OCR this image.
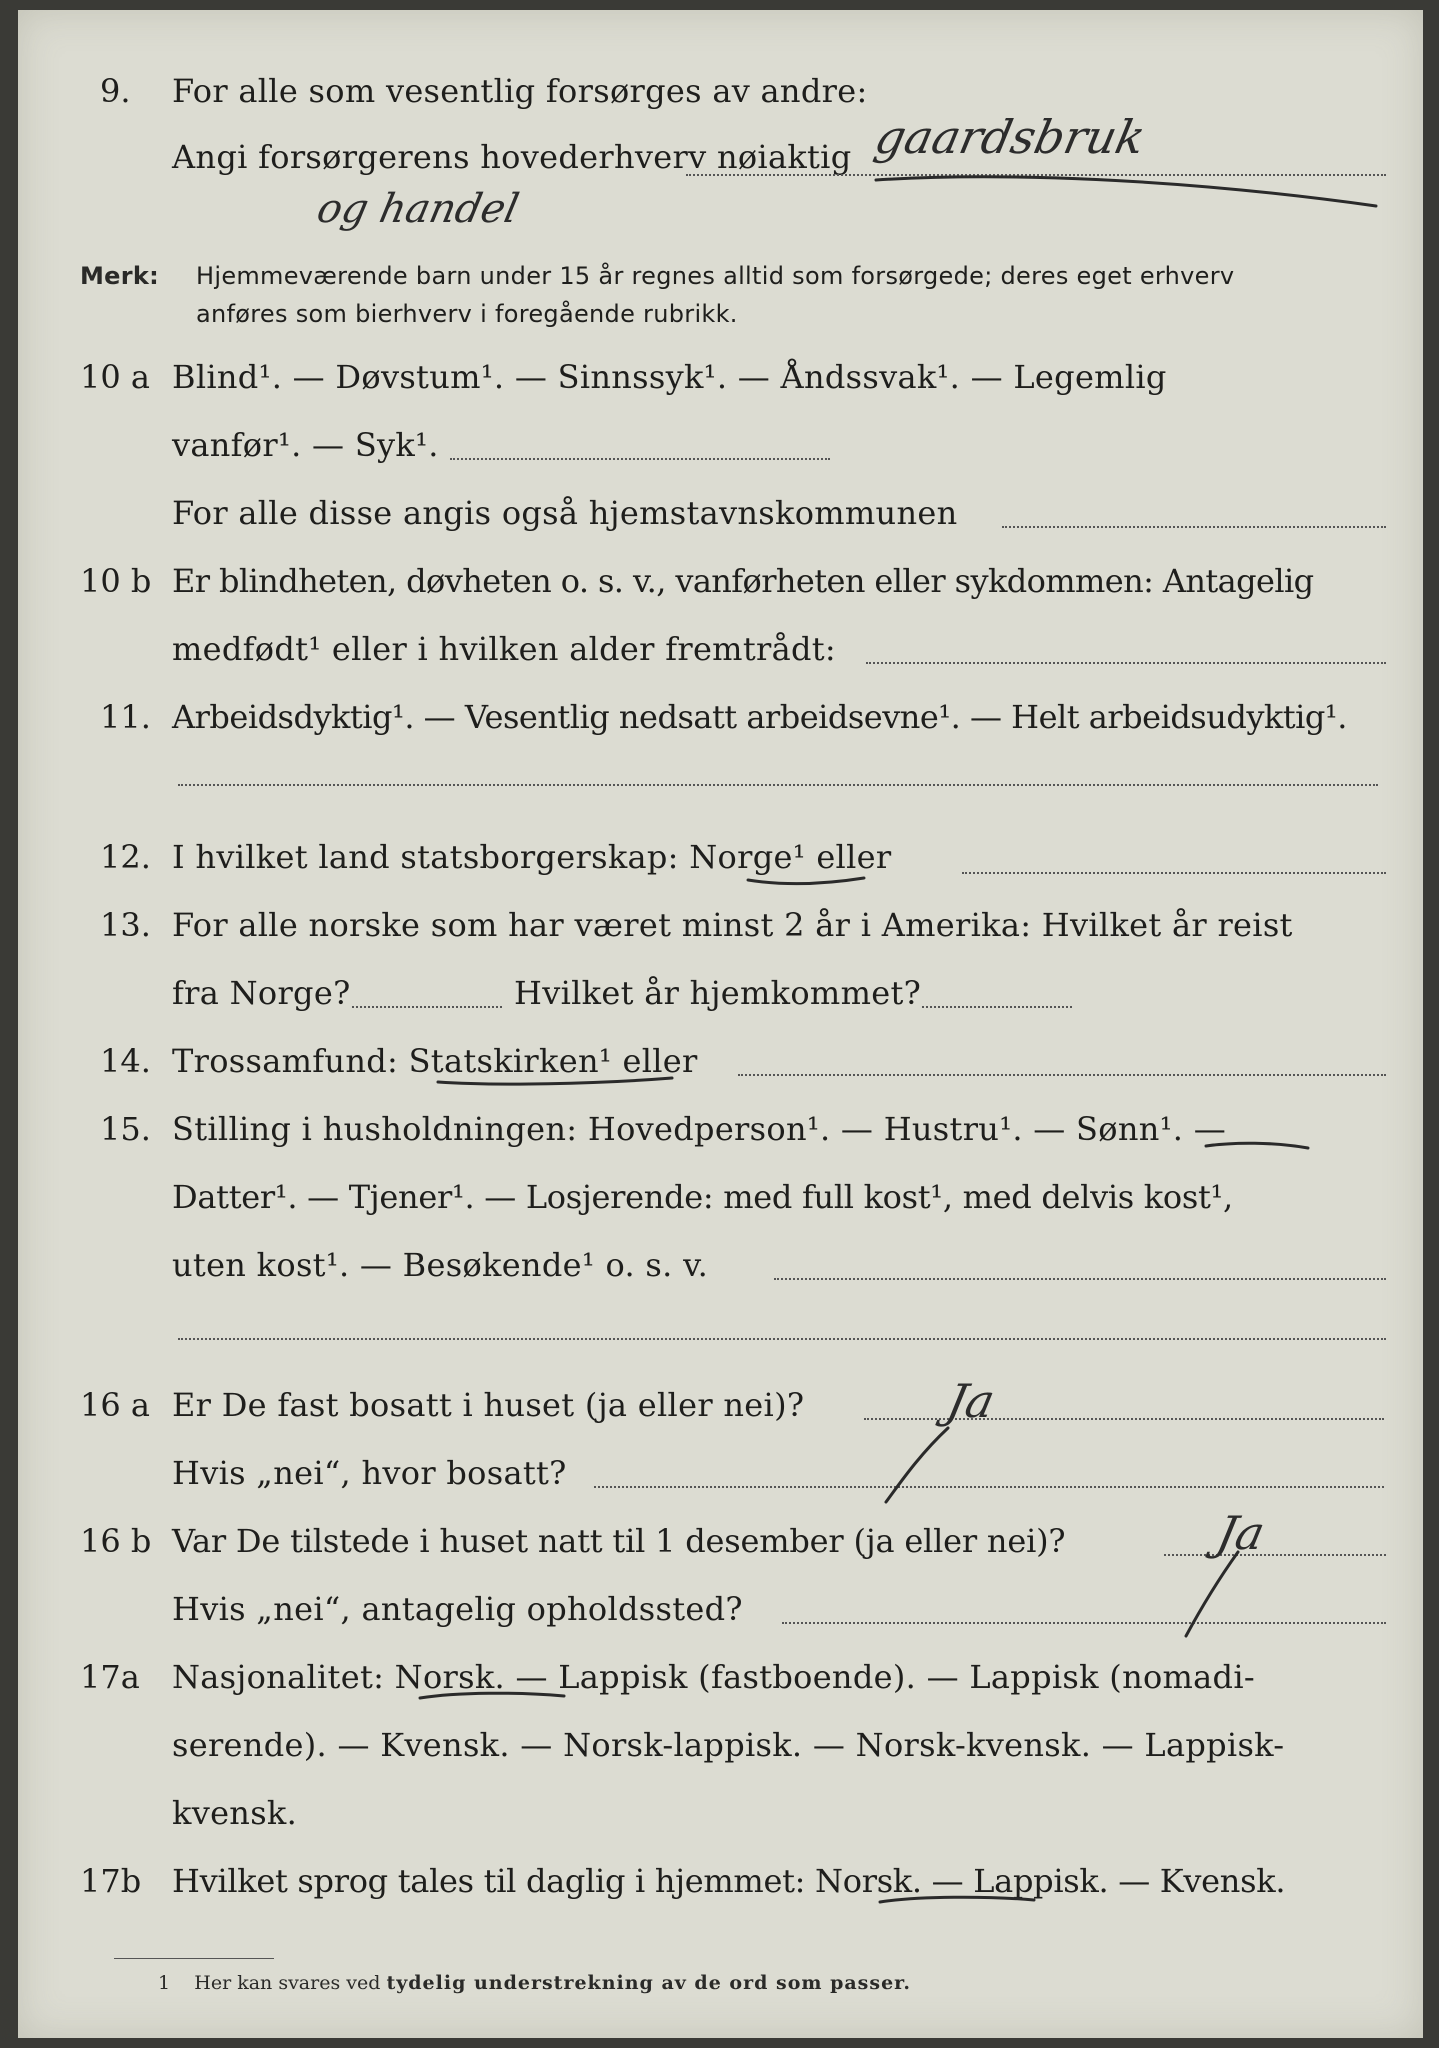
9. For alle som vesentlig forsørges av andre:
Angi forsørgerens hovederhverv nøiaktig gaardsbruk
og handel
Merk: Hjemmeværende barn under 15 år regnes alltid som forsørgede; deres eget erhverv
anføres som bierhverv i foregående rubrikk.
10 a Blind¹. — Døvstum¹. — Sinnssyk¹. — Åndssvak¹. — Legemlig
vanfør¹. — Syk¹.
For alle disse angis også hjemstavnskommunen
10 b Er blindheten, døvheten o. s. v., vanførheten eller sykdommen: Antagelig
medfødt¹ eller i hvilken alder fremtrådt:
11. Arbeidsdyktig¹. — Vesentlig nedsatt arbeidsevne¹. — Helt arbeidsudyktig¹.
12. I hvilket land statsborgerskap: Norge¹ eller
13. For alle norske som har været minst 2 år i Amerika: Hvilket år reist
fra Norge?	Hvilket år hjemkommet?
14. Trossamfund: Statskirken¹ eller
15. Stilling i husholdningen: Hovedperson¹. — Hustru¹. — Sønn¹. —
Datter¹. — Tjener¹. — Losjerende: med full kost¹, med delvis kost¹,
uten kost¹. — Besøkende¹ o. s. v.
16 a Er De fast bosatt i huset (ja eller nei)?	Ja
Hvis „nei“, hvor bosatt?
16 b Var De tilstede i huset natt til 1 desember (ja eller nei)?	Ja
Hvis „nei“, antagelig opholdssted?
17a Nasjonalitet: Norsk. — Lappisk (fastboende). — Lappisk (nomadi-
serende). — Kvensk. — Norsk-lappisk. — Norsk-kvensk. — Lappisk-
kvensk.
17b Hvilket sprog tales til daglig i hjemmet: Norsk. — Lappisk. — Kvensk.
1 Her kan svares ved tydelig understrekning av de ord som passer.
